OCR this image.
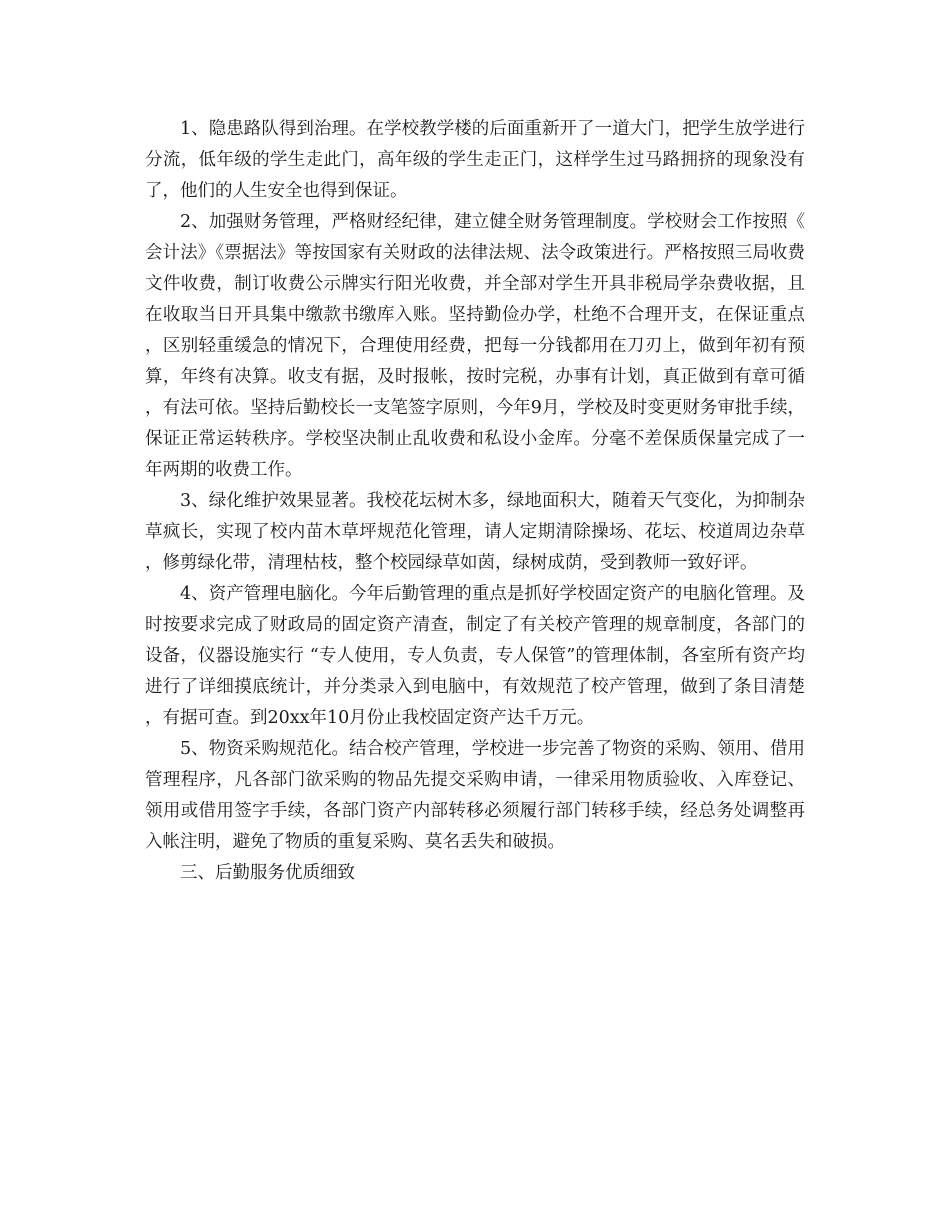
1、隐患路队得到治理。在学校教学楼的后面重新开了一道大门，把学生放学进行分流，低年级的学生走此门，高年级的学生走正门，这样学生过马路拥挤的现象没有了，他们的人生安全也得到保证。

2、加强财务管理，严格财经纪律，建立健全财务管理制度。学校财会工作按照《会计法》《票据法》等按国家有关财政的法律法规、法令政策进行。严格按照三局收费文件收费，制订收费公示牌实行阳光收费，并全部对学生开具非税局学杂费收据，且在收取当日开具集中缴款书缴库入账。坚持勤俭办学，杜绝不合理开支，在保证重点，区别轻重缓急的情况下，合理使用经费，把每一分钱都用在刀刃上，做到年初有预算，年终有决算。收支有据，及时报帐，按时完税，办事有计划，真正做到有章可循，有法可依。坚持后勤校长一支笔签字原则，今年9月，学校及时变更财务审批手续，保证正常运转秩序。学校坚决制止乱收费和私设小金库。分毫不差保质保量完成了一年两期的收费工作。

3、绿化维护效果显著。我校花坛树木多，绿地面积大，随着天气变化，为抑制杂草疯长，实现了校内苗木草坪规范化管理，请人定期清除操场、花坛、校道周边杂草，修剪绿化带，清理枯枝，整个校园绿草如茵，绿树成荫，受到教师一致好评。

4、资产管理电脑化。今年后勤管理的重点是抓好学校固定资产的电脑化管理。及时按要求完成了财政局的固定资产清查，制定了有关校产管理的规章制度，各部门的设备，仪器设施实行 “专人使用，专人负责，专人保管”的管理体制，各室所有资产均进行了详细摸底统计，并分类录入到电脑中，有效规范了校产管理，做到了条目清楚，有据可查。到20xx年10月份止我校固定资产达千万元。

5、物资采购规范化。结合校产管理，学校进一步完善了物资的采购、领用、借用管理程序，凡各部门欲采购的物品先提交采购申请，一律采用物质验收、入库登记、领用或借用签字手续，各部门资产内部转移必须履行部门转移手续，经总务处调整再入帐注明，避免了物质的重复采购、莫名丢失和破损。

三、后勤服务优质细致
